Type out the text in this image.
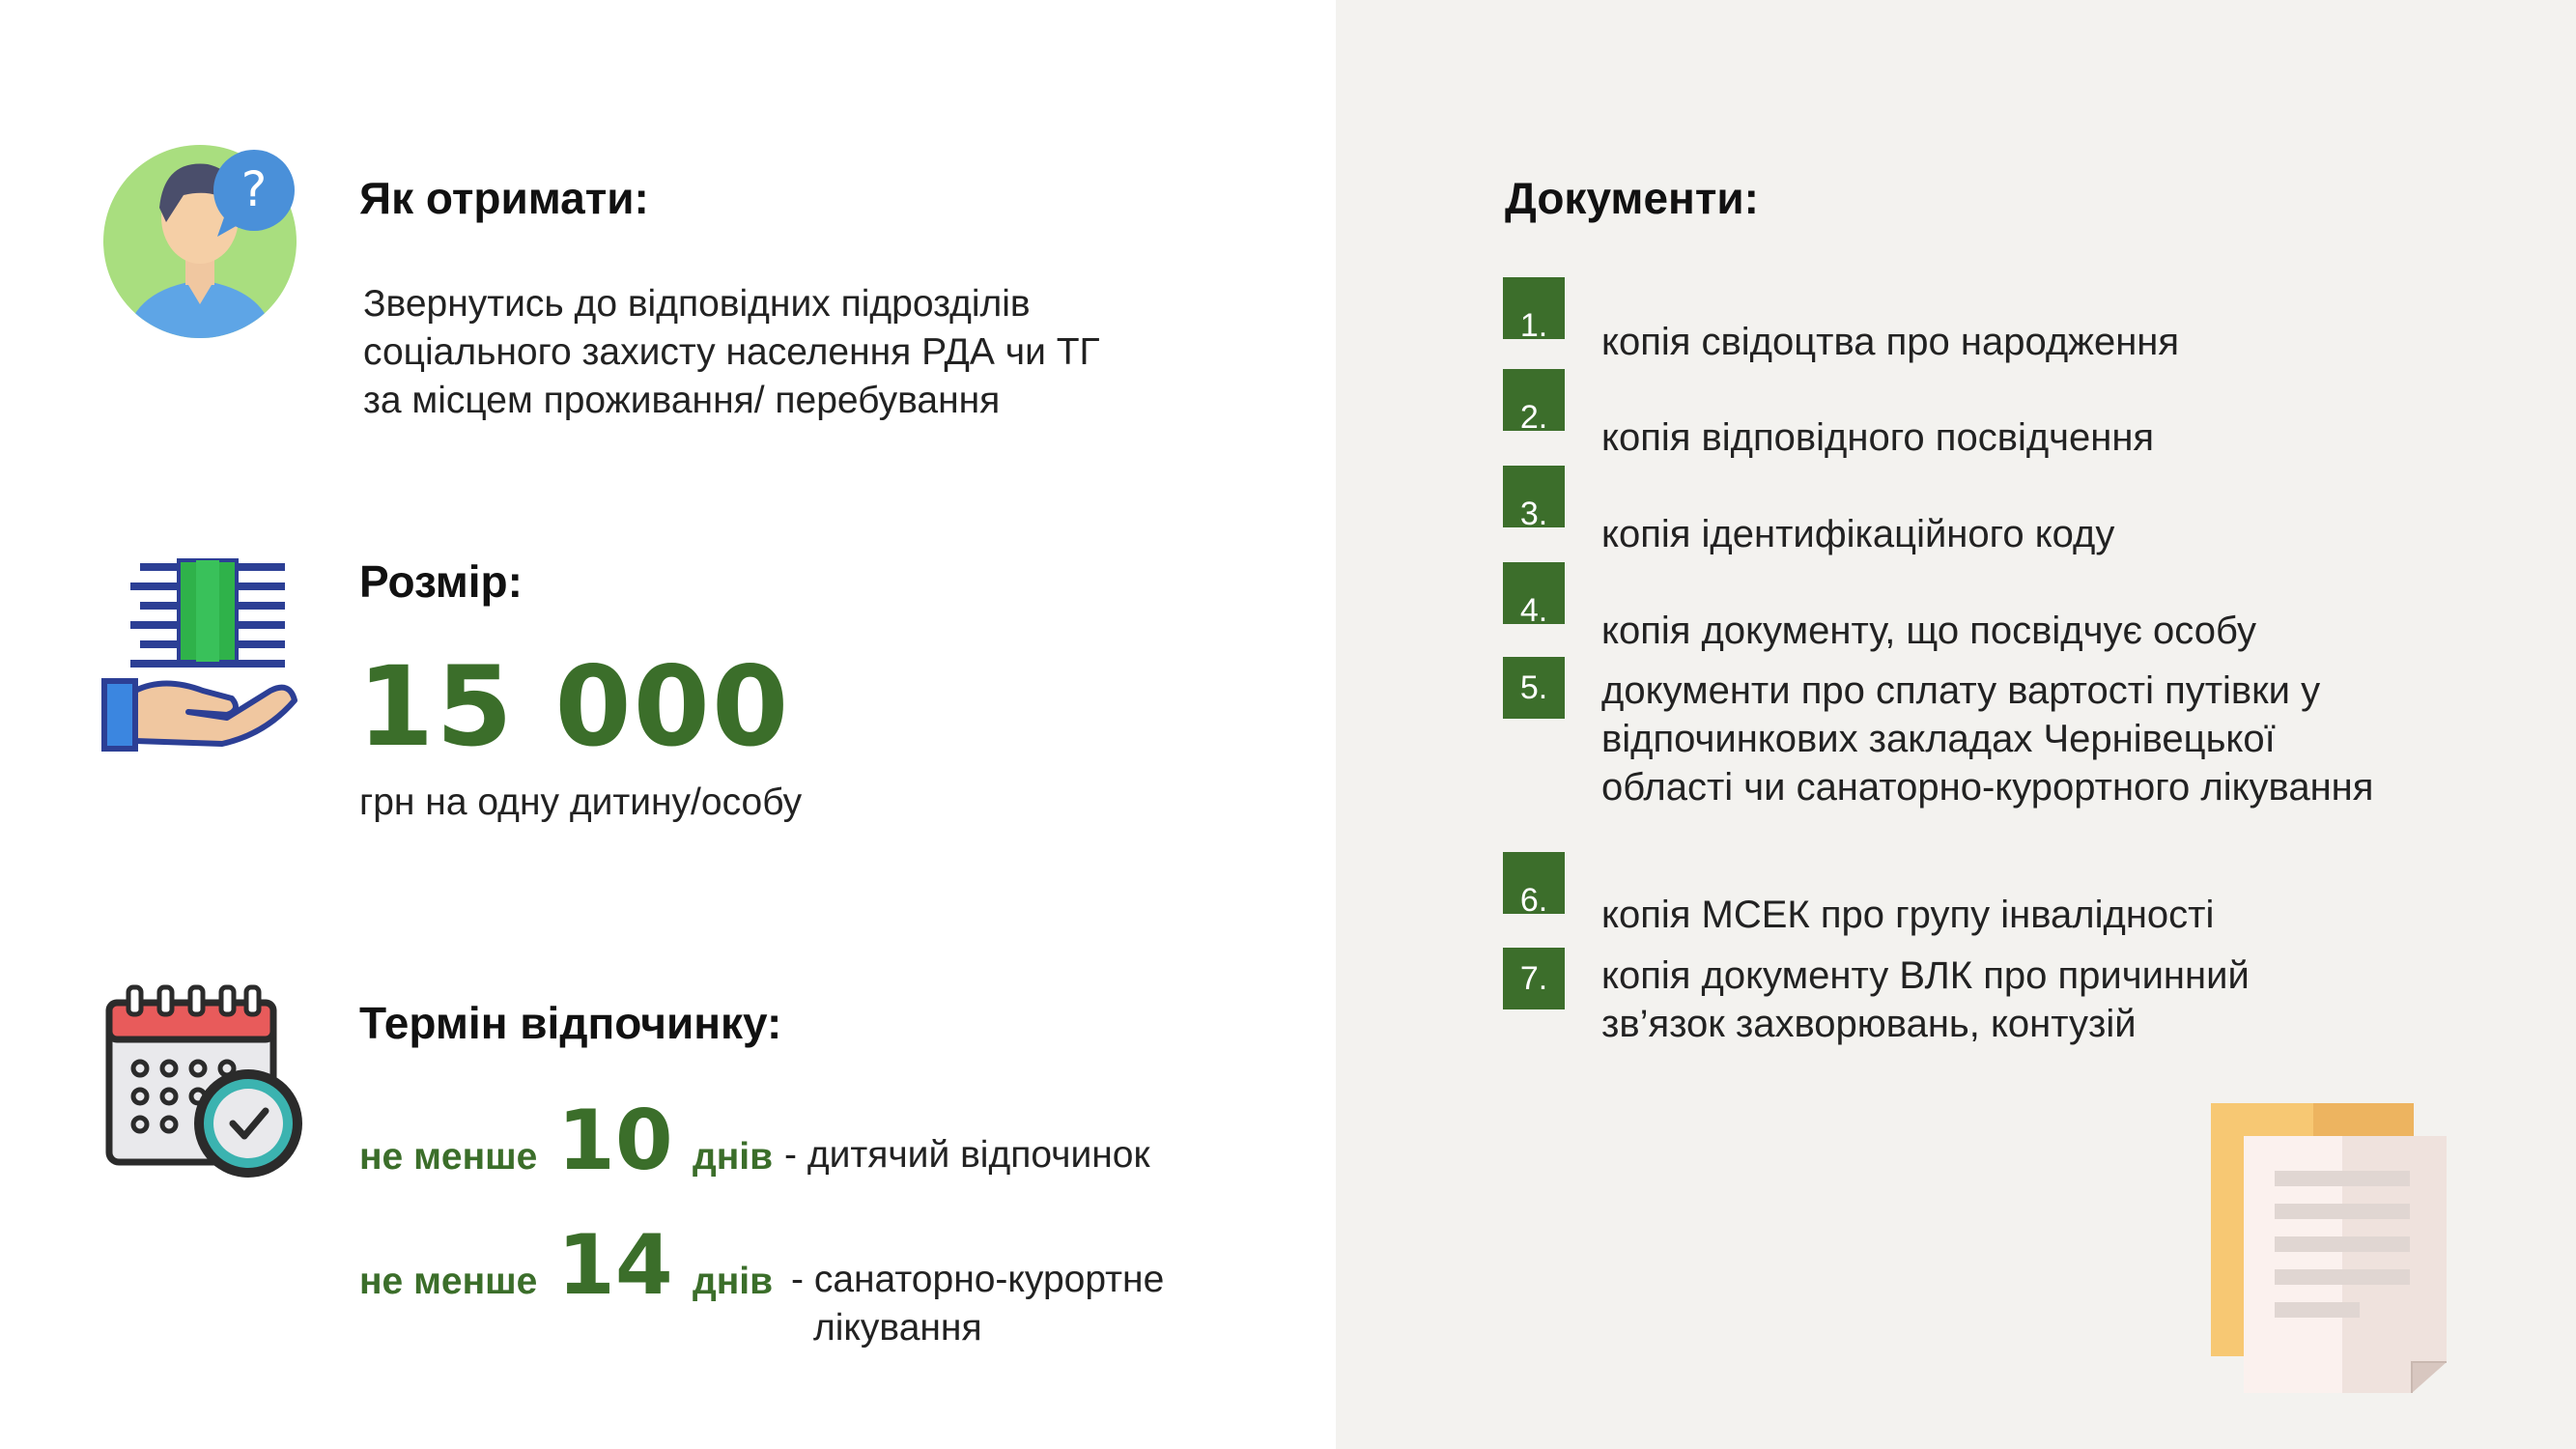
? Як отримати:
Звернутись до відповідних підрозділів
соціального захисту населення РДА чи ТГ
за місцем проживання/ перебування
Розмір:
15 000
грн на одну дитину/особу
Термін відпочинку:
не менше 10 днів - дитячий відпочинок
не менше 14 днів - санаторно-курортне
лікування
Документи:
1.	копія свідоцтва про народження
2.	копія відповідного посвідчення
3.	копія ідентифікаційного коду
4.	копія документу, що посвідчує особу
5.	документи про сплату вартості путівки у
відпочинкових закладах Чернівецької
області чи санаторно-курортного лікування
6.	копія МСЕК про групу інвалідності
7.	копія документу ВЛК про причинний
зв’язок захворювань, контузій
